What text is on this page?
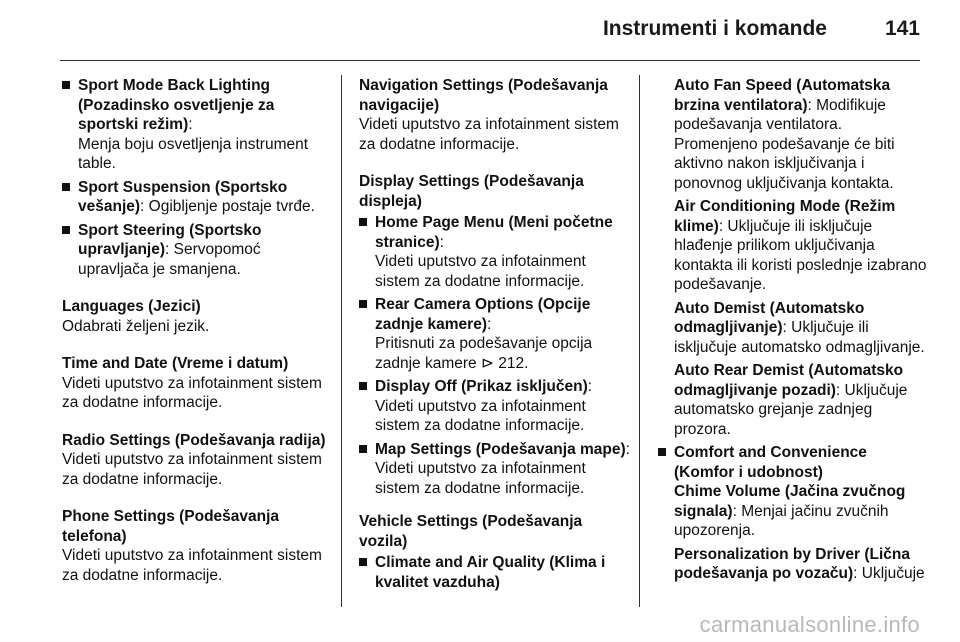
Instrumenti i komande	141

Sport Mode Back Lighting (Pozadinsko osvetljenje za sportski režim):

Menja boju osvetljenja instrument table.

Sport Suspension (Sportsko vešanje): Ogibljenje postaje tvrđe.

Sport Steering (Sportsko upravljanje): Servopomoć upravljača je smanjena.

Languages (Jezici)

Odabrati željeni jezik.

Time and Date (Vreme i datum)

Videti uputstvo za infotainment sistem za dodatne informacije.

Radio Settings (Podešavanja radija)

Videti uputstvo za infotainment sistem za dodatne informacije.

Phone Settings (Podešavanja telefona)

Videti uputstvo za infotainment sistem za dodatne informacije.

Navigation Settings (Podešavanja navigacije)

Videti uputstvo za infotainment sistem za dodatne informacije.

Display Settings (Podešavanja displeja)

Home Page Menu (Meni početne stranice):

Videti uputstvo za infotainment sistem za dodatne informacije.

Rear Camera Options (Opcije zadnje kamere):

Pritisnuti za podešavanje opcija zadnje kamere ⊳ 212.

Display Off (Prikaz isključen):

Videti uputstvo za infotainment sistem za dodatne informacije.

Map Settings (Podešavanja mape):

Videti uputstvo za infotainment sistem za dodatne informacije.

Vehicle Settings (Podešavanja vozila)

Climate and Air Quality (Klima i kvalitet vazduha)

Auto Fan Speed (Automatska brzina ventilatora): Modifikuje podešavanja ventilatora. Promenjeno podešavanje će biti aktivno nakon isključivanja i ponovnog uključivanja kontakta.

Air Conditioning Mode (Režim klime): Uključuje ili isključuje hlađenje prilikom uključivanja kontakta ili koristi poslednje izabrano podešavanje.

Auto Demist (Automatsko odmagljivanje): Uključuje ili isključuje automatsko odmagljivanje.

Auto Rear Demist (Automatsko odmagljivanje pozadi): Uključuje automatsko grejanje zadnjeg prozora.

Comfort and Convenience (Komfor i udobnost)

Chime Volume (Jačina zvučnog signala): Menjai jačinu zvučnih upozorenja.

Personalization by Driver (Lična podešavanja po vozaču): Uključuje

carmanualsonline.info
